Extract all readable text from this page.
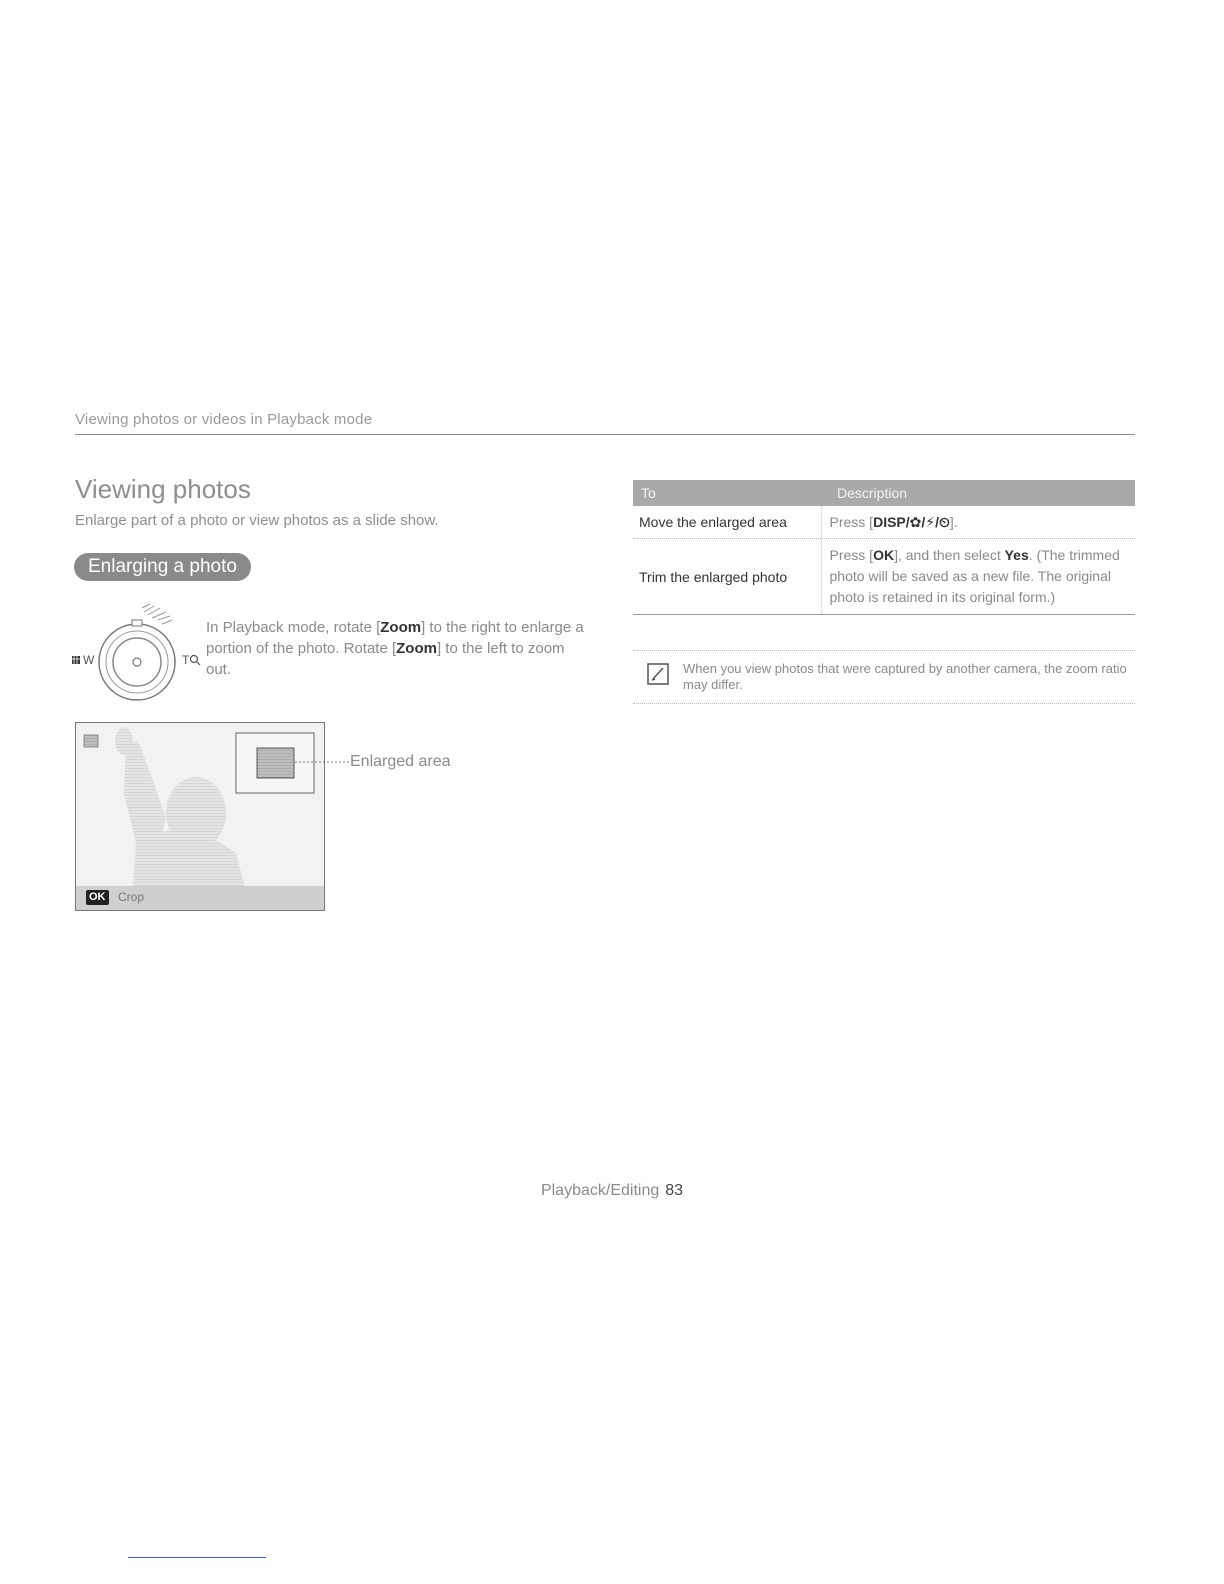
Viewing photos or videos in Playback mode
Viewing photos
Enlarge part of a photo or view photos as a slide show.
Enlarging a photo
W	T
In Playback mode, rotate [Zoom] to the right to enlarge a portion of the photo. Rotate [Zoom] to the left to zoom out.
OK Crop
Enlarged area
To	Description
Move the enlarged area	Press [DISP/✿/⚡/⏲].
Trim the enlarged photo	Press [OK], and then select Yes. (The trimmed photo will be saved as a new file. The original photo is retained in its original form.)
When you view photos that were captured by another camera, the zoom ratio may differ.
Playback/Editing 83
